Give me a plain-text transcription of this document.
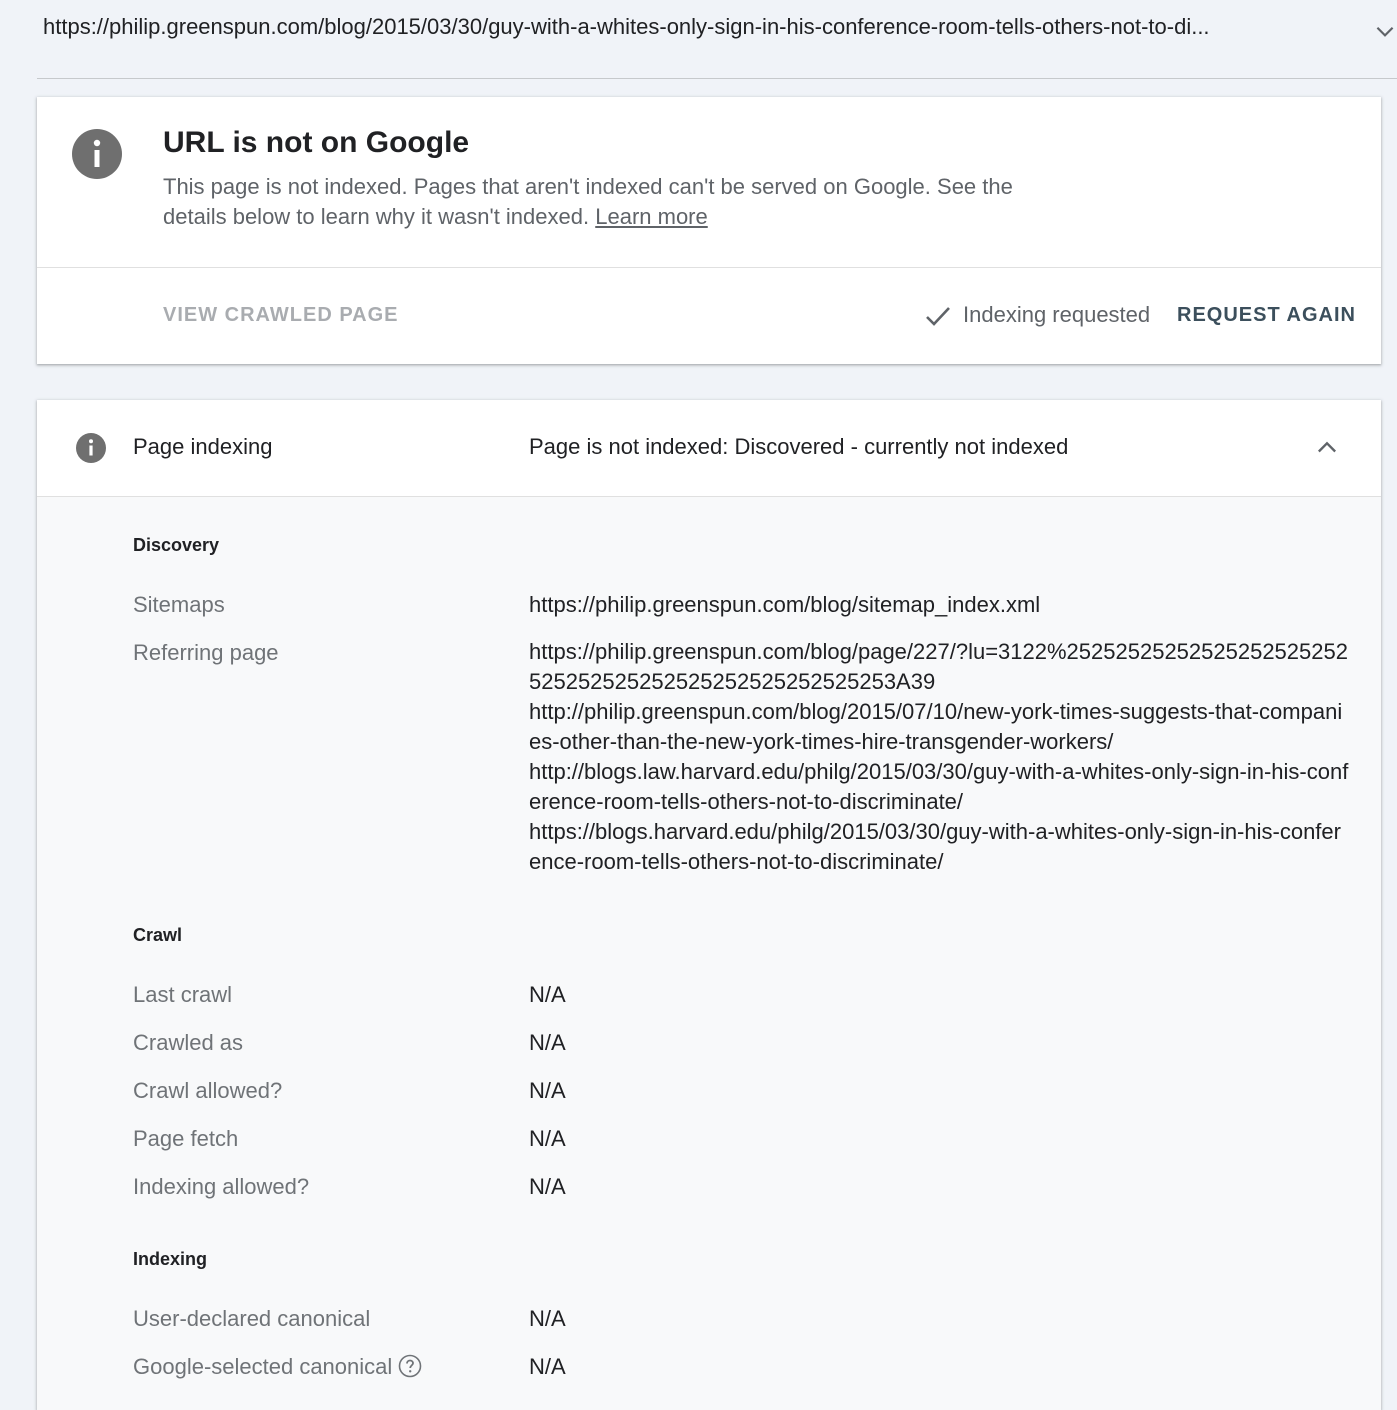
https://philip.greenspun.com/blog/2015/03/30/guy-with-a-whites-only-sign-in-his-conference-room-tells-others-not-to-di...
URL is not on Google
This page is not indexed. Pages that aren't indexed can't be served on Google. See the details below to learn why it wasn't indexed. Learn more
VIEW CRAWLED PAGE	Indexing requested REQUEST AGAIN
Page indexing	Page is not indexed: Discovered - currently not indexed
Discovery
Sitemaps	https://philip.greenspun.com/blog/sitemap_index.xml
Referring page	https://philip.greenspun.com/blog/page/227/?lu=3122%25252525252525252525252525252525252525252525252525253A39
http://philip.greenspun.com/blog/2015/07/10/new-york-times-suggests-that-companies-other-than-the-new-york-times-hire-transgender-workers/
http://blogs.law.harvard.edu/philg/2015/03/30/guy-with-a-whites-only-sign-in-his-conference-room-tells-others-not-to-discriminate/
https://blogs.harvard.edu/philg/2015/03/30/guy-with-a-whites-only-sign-in-his-conference-room-tells-others-not-to-discriminate/
Crawl
Last crawl	N/A
Crawled as	N/A
Crawl allowed?	N/A
Page fetch	N/A
Indexing allowed?	N/A
Indexing
User-declared canonical	N/A
Google-selected canonical	N/A
